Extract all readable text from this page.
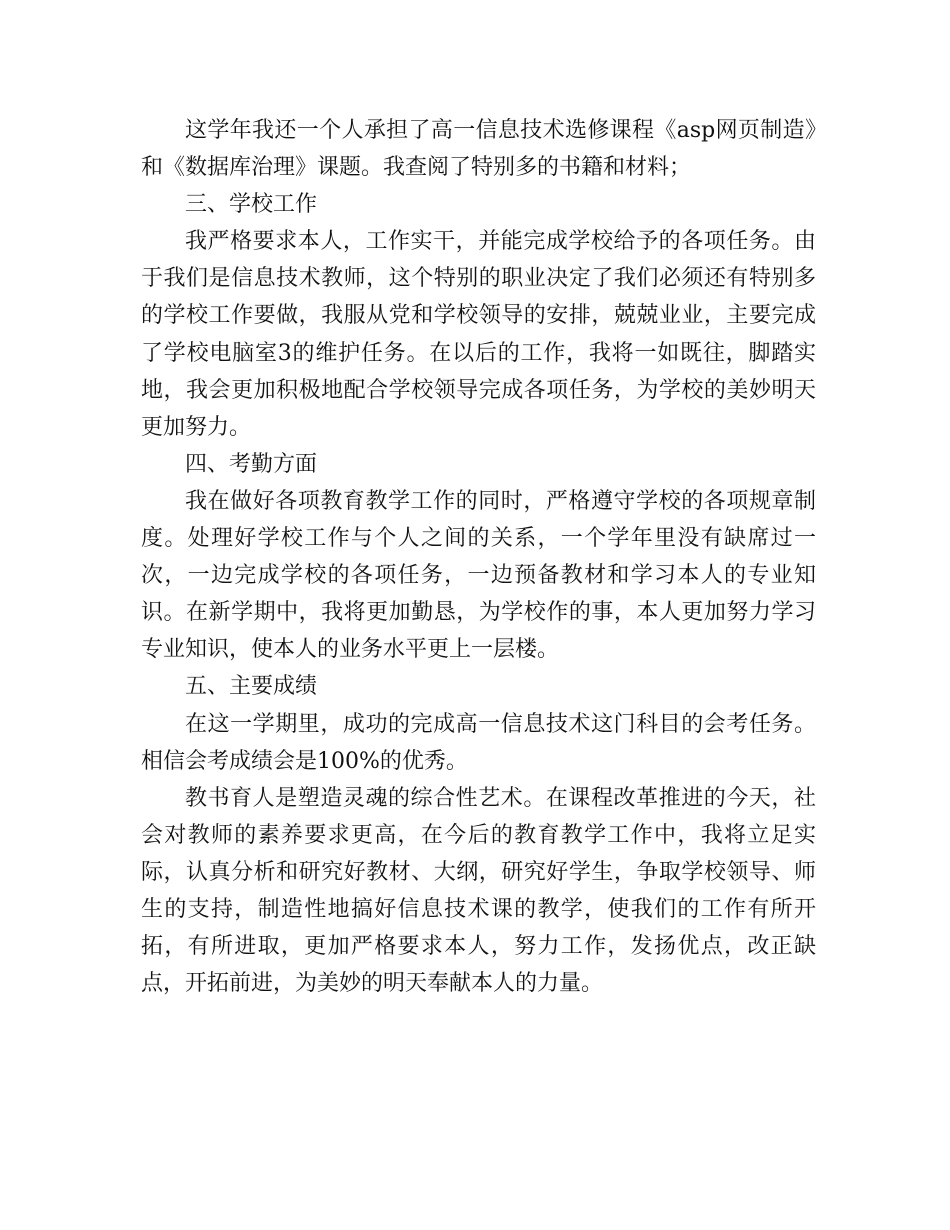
这学年我还一个人承担了高一信息技术选修课程《asp网页制造》和《数据库治理》课题。我查阅了特别多的书籍和材料；

三、学校工作

我严格要求本人，工作实干，并能完成学校给予的各项任务。由于我们是信息技术教师，这个特别的职业决定了我们必须还有特别多的学校工作要做，我服从党和学校领导的安排，兢兢业业，主要完成了学校电脑室3的维护任务。在以后的工作，我将一如既往，脚踏实地，我会更加积极地配合学校领导完成各项任务，为学校的美妙明天更加努力。

四、考勤方面

我在做好各项教育教学工作的同时，严格遵守学校的各项规章制度。处理好学校工作与个人之间的关系，一个学年里没有缺席过一次，一边完成学校的各项任务，一边预备教材和学习本人的专业知识。在新学期中，我将更加勤恳，为学校作的事，本人更加努力学习专业知识，使本人的业务水平更上一层楼。

五、主要成绩

在这一学期里，成功的完成高一信息技术这门科目的会考任务。相信会考成绩会是100%的优秀。

教书育人是塑造灵魂的综合性艺术。在课程改革推进的今天，社会对教师的素养要求更高，在今后的教育教学工作中，我将立足实际，认真分析和研究好教材、大纲，研究好学生，争取学校领导、师生的支持，制造性地搞好信息技术课的教学，使我们的工作有所开拓，有所进取，更加严格要求本人，努力工作，发扬优点，改正缺点，开拓前进，为美妙的明天奉献本人的力量。
